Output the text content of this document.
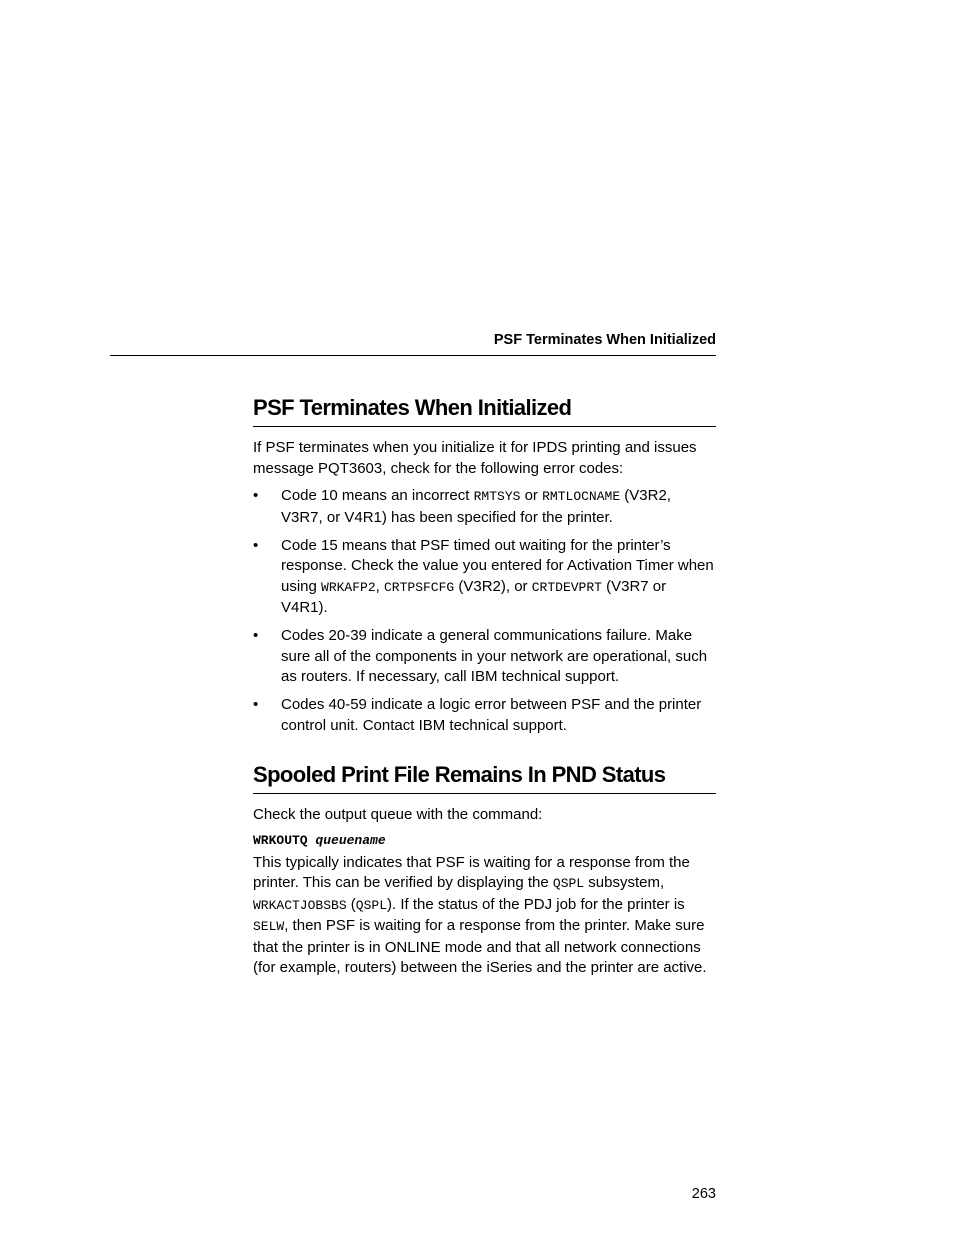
PSF Terminates When Initialized
PSF Terminates When Initialized

If PSF terminates when you initialize it for IPDS printing and issues message PQT3603, check for the following error codes:

• Code 10 means an incorrect RMTSYS or RMTLOCNAME (V3R2, V3R7, or V4R1) has been specified for the printer.
• Code 15 means that PSF timed out waiting for the printer’s response. Check the value you entered for Activation Timer when using WRKAFP2, CRTPSFCFG (V3R2), or CRTDEVPRT (V3R7 or V4R1).
• Codes 20-39 indicate a general communications failure. Make sure all of the components in your network are operational, such as routers. If necessary, call IBM technical support.
• Codes 40-59 indicate a logic error between PSF and the printer control unit. Contact IBM technical support.
Spooled Print File Remains In PND Status

Check the output queue with the command:

WRKOUTQ queuename

This typically indicates that PSF is waiting for a response from the printer. This can be verified by displaying the QSPL subsystem, WRKACTJOBSBS (QSPL). If the status of the PDJ job for the printer is SELW, then PSF is waiting for a response from the printer. Make sure that the printer is in ONLINE mode and that all network connections (for example, routers) between the iSeries and the printer are active.

263
